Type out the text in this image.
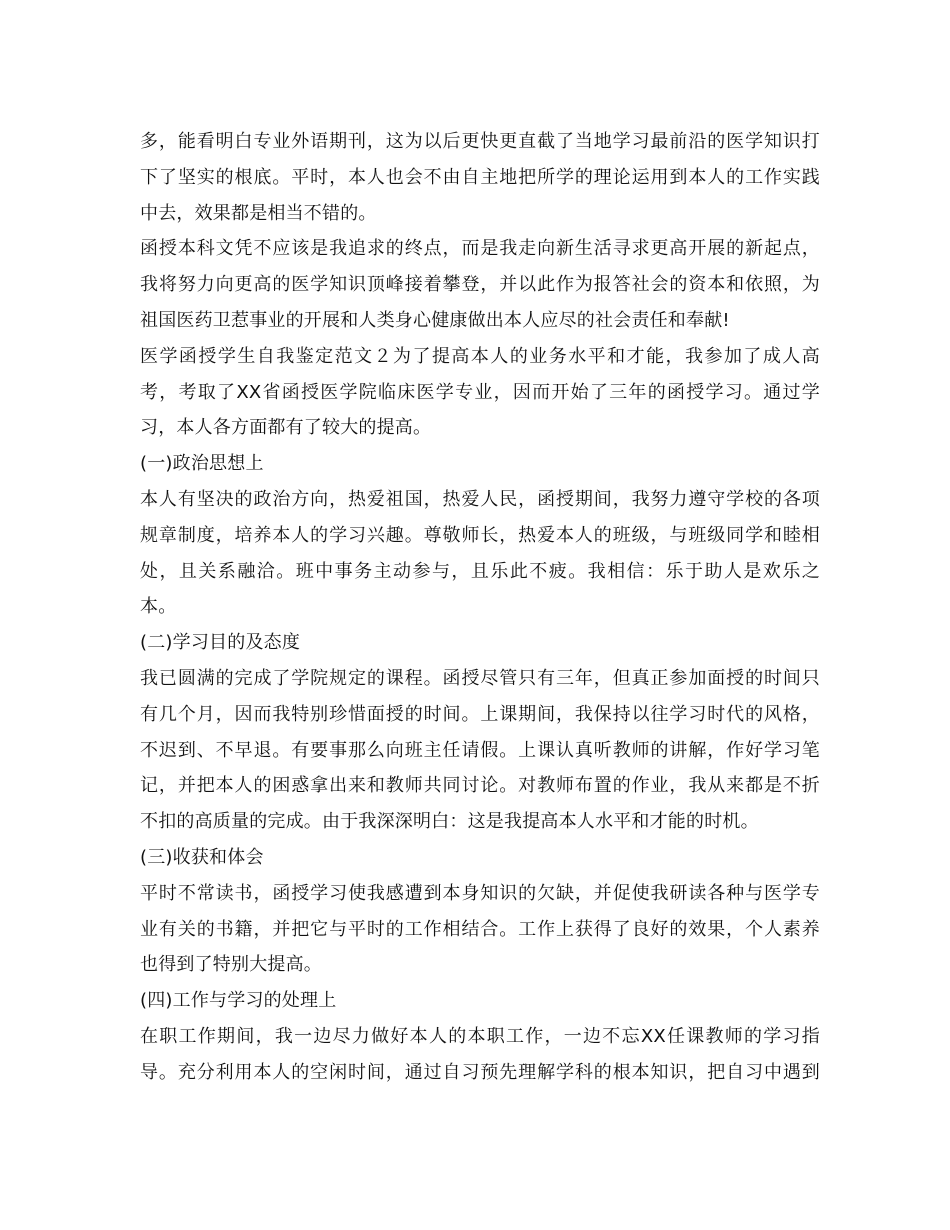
多，能看明白专业外语期刊，这为以后更快更直截了当地学习最前沿的医学知识打
下了坚实的根底。平时，本人也会不由自主地把所学的理论运用到本人的工作实践
中去，效果都是相当不错的。
函授本科文凭不应该是我追求的终点，而是我走向新生活寻求更高开展的新起点，
我将努力向更高的医学知识顶峰接着攀登，并以此作为报答社会的资本和依照，为
祖国医药卫惹事业的开展和人类身心健康做出本人应尽的社会责任和奉献!
医学函授学生自我鉴定范文２为了提高本人的业务水平和才能，我参加了成人高
考，考取了XX省函授医学院临床医学专业，因而开始了三年的函授学习。通过学
习，本人各方面都有了较大的提高。
(一)政治思想上
本人有坚决的政治方向，热爱祖国，热爱人民，函授期间，我努力遵守学校的各项
规章制度，培养本人的学习兴趣。尊敬师长，热爱本人的班级，与班级同学和睦相
处，且关系融洽。班中事务主动参与，且乐此不疲。我相信：乐于助人是欢乐之
本。
(二)学习目的及态度
我已圆满的完成了学院规定的课程。函授尽管只有三年，但真正参加面授的时间只
有几个月，因而我特别珍惜面授的时间。上课期间，我保持以往学习时代的风格，
不迟到、不早退。有要事那么向班主任请假。上课认真听教师的讲解，作好学习笔
记，并把本人的困惑拿出来和教师共同讨论。对教师布置的作业，我从来都是不折
不扣的高质量的完成。由于我深深明白：这是我提高本人水平和才能的时机。
(三)收获和体会
平时不常读书，函授学习使我感遭到本身知识的欠缺，并促使我研读各种与医学专
业有关的书籍，并把它与平时的工作相结合。工作上获得了良好的效果，个人素养
也得到了特别大提高。
(四)工作与学习的处理上
在职工作期间，我一边尽力做好本人的本职工作，一边不忘XX任课教师的学习指
导。充分利用本人的空闲时间，通过自习预先理解学科的根本知识，把自习中遇到
